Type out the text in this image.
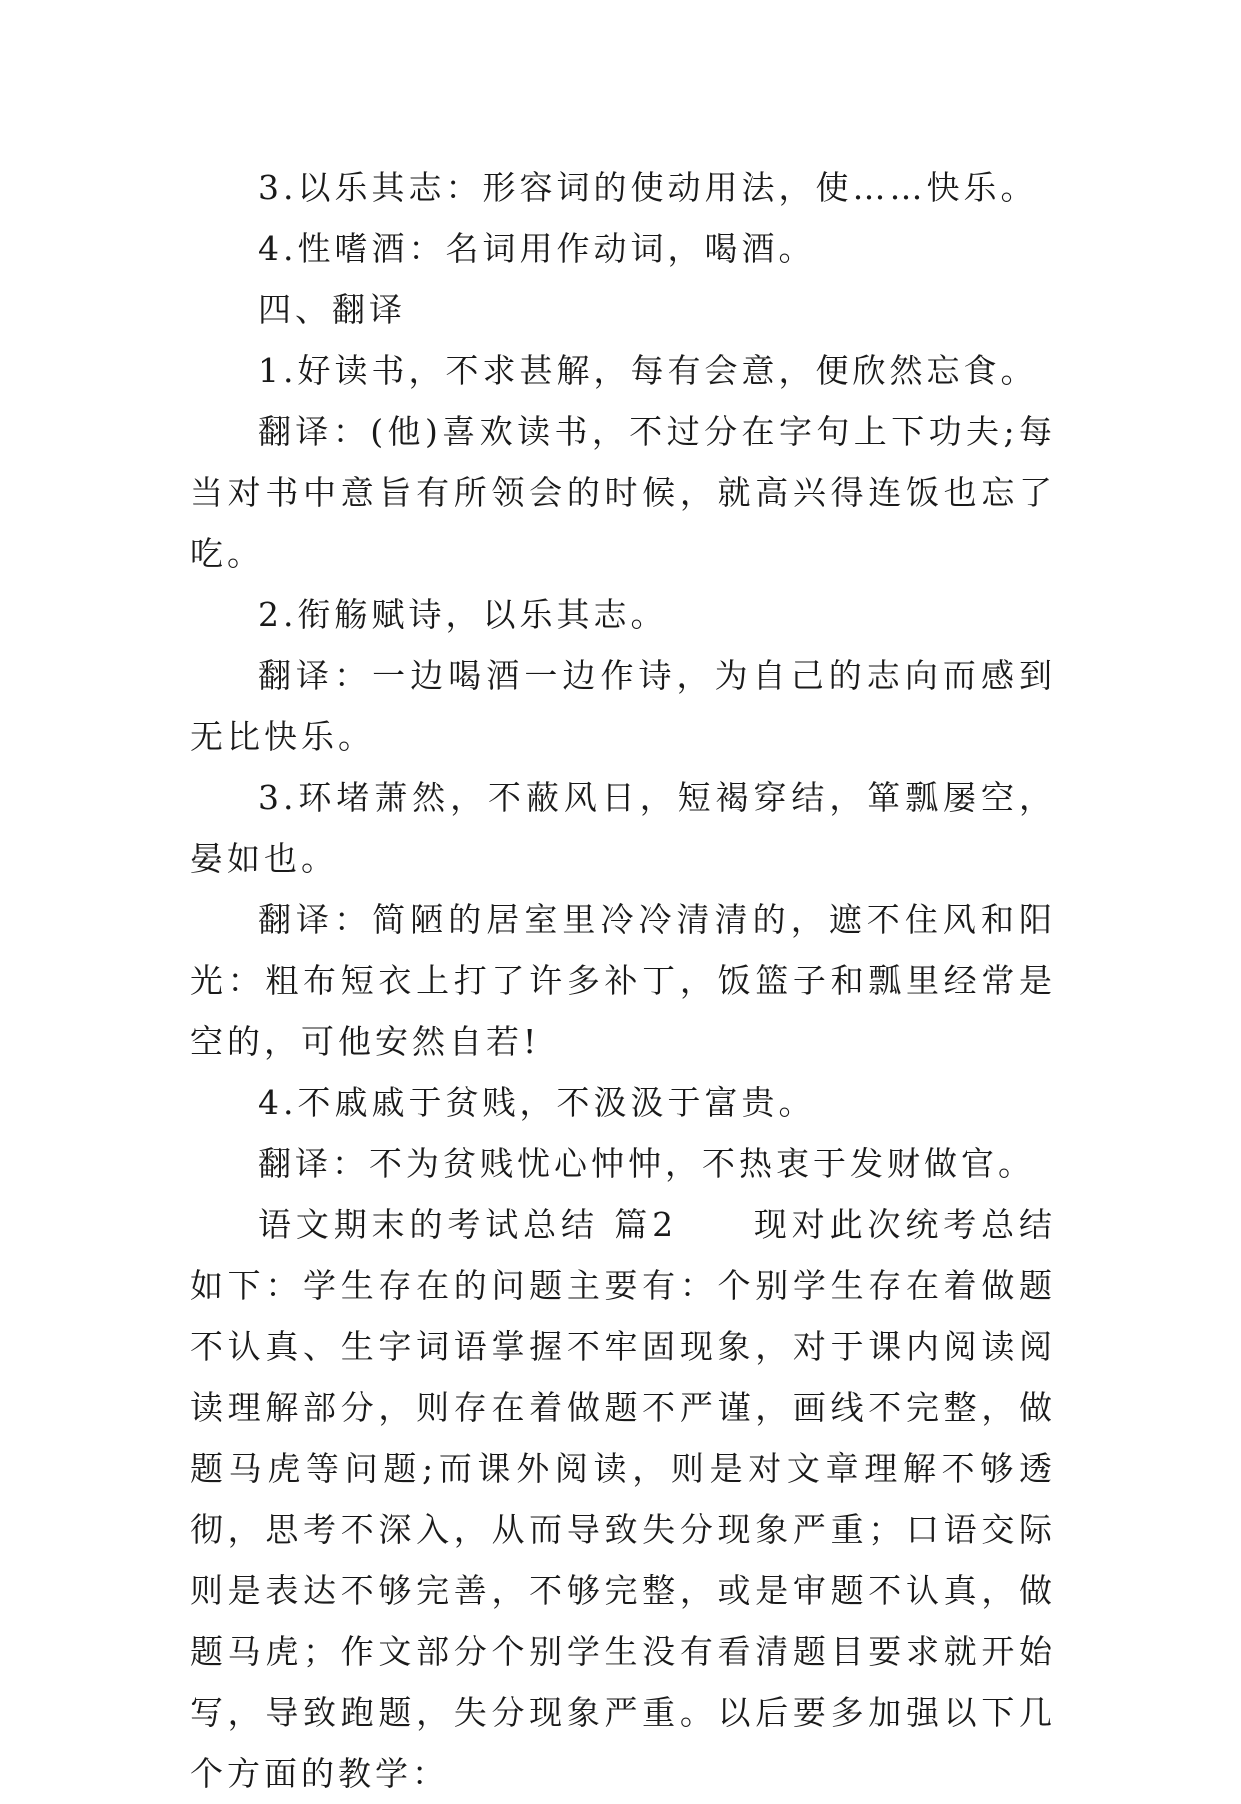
3.以乐其志：形容词的使动用法，使……快乐。

4.性嗜酒：名词用作动词，喝酒。

四、翻译

1.好读书，不求甚解，每有会意，便欣然忘食。

翻译：(他)喜欢读书，不过分在字句上下功夫;每当对书中意旨有所领会的时候，就高兴得连饭也忘了吃。

2.衔觞赋诗，以乐其志。

翻译：一边喝酒一边作诗，为自己的志向而感到无比快乐。

3.环堵萧然，不蔽风日，短褐穿结，箪瓢屡空，晏如也。

翻译：简陋的居室里冷冷清清的，遮不住风和阳光：粗布短衣上打了许多补丁，饭篮子和瓢里经常是空的，可他安然自若!

4.不戚戚于贫贱，不汲汲于富贵。

翻译：不为贫贱忧心忡忡，不热衷于发财做官。

语文期末的考试总结 篇2　　现对此次统考总结如下：学生存在的问题主要有：个别学生存在着做题不认真、生字词语掌握不牢固现象，对于课内阅读阅读理解部分，则存在着做题不严谨，画线不完整，做题马虎等问题;而课外阅读，则是对文章理解不够透彻，思考不深入，从而导致失分现象严重；口语交际则是表达不够完善，不够完整，或是审题不认真，做题马虎；作文部分个别学生没有看清题目要求就开始写，导致跑题，失分现象严重。以后要多加强以下几个方面的教学：
